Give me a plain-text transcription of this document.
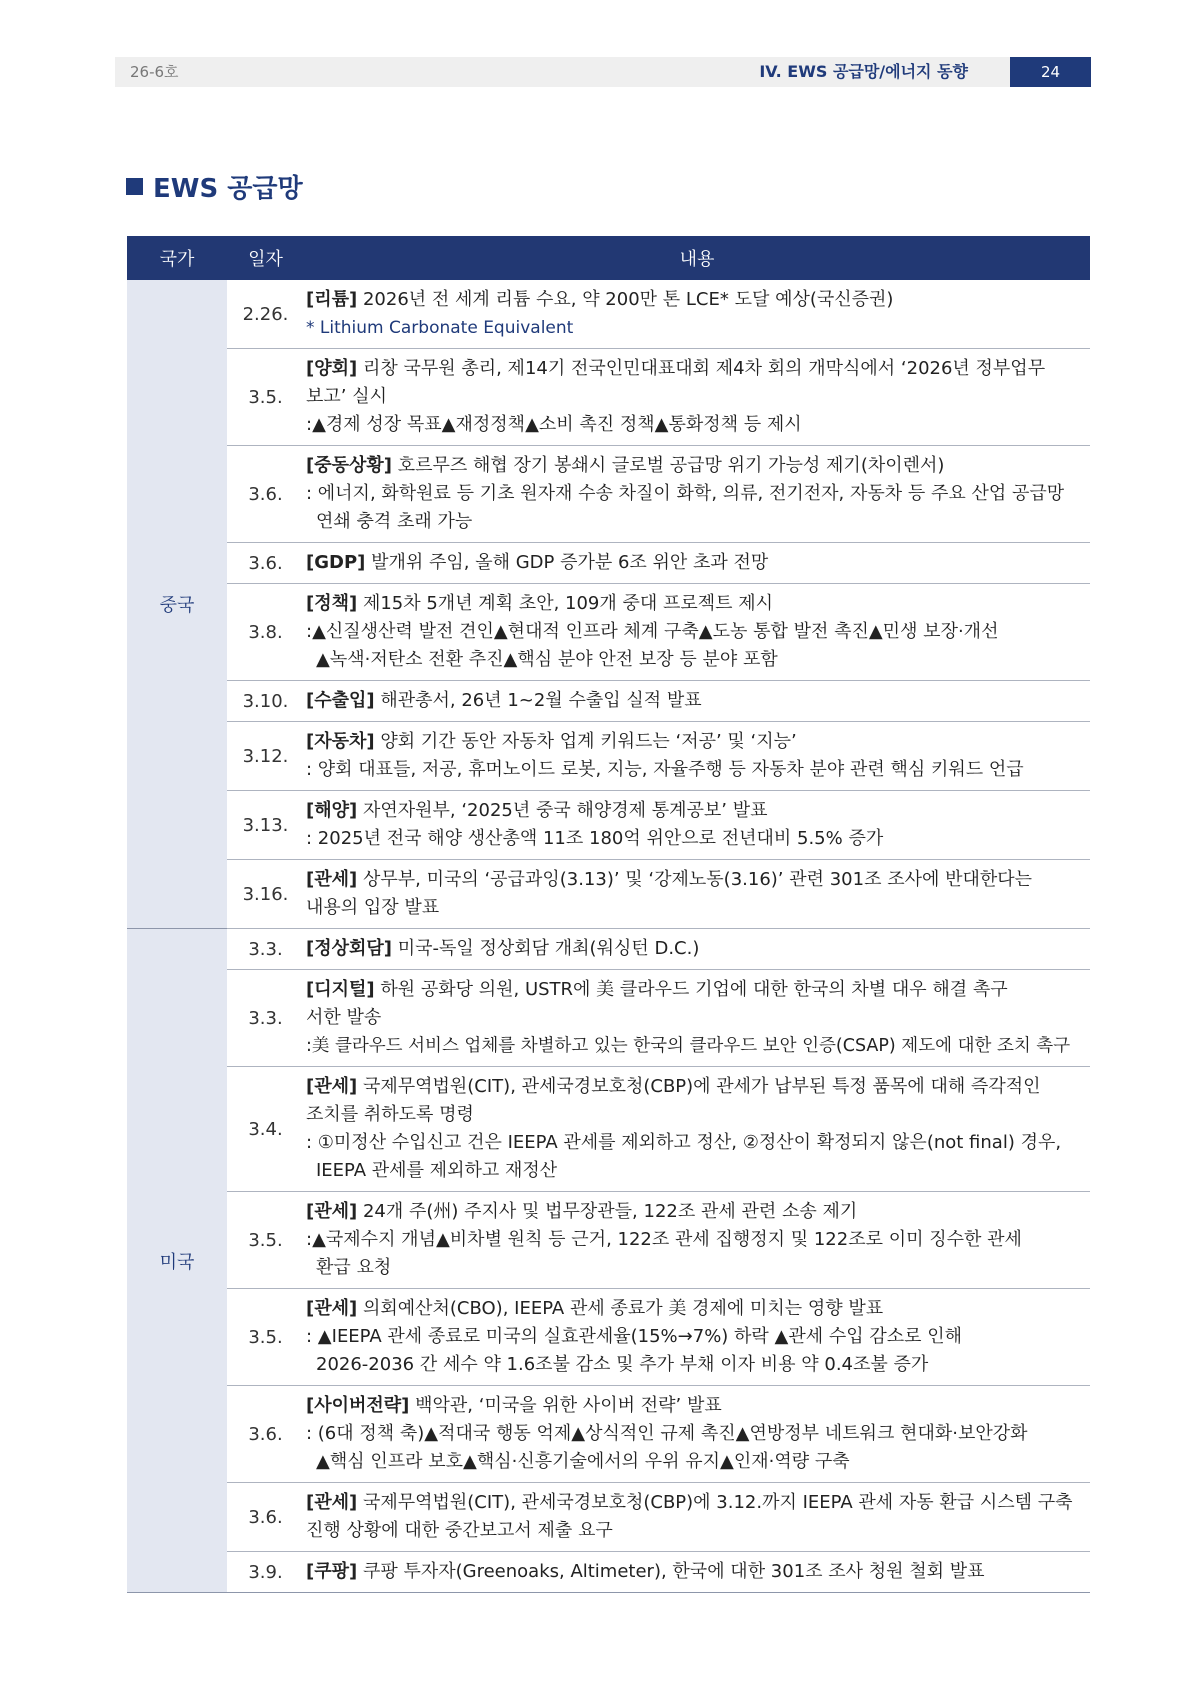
26-6호	IV. EWS 공급망/에너지 동향	24
EWS 공급망
국가	일자	내용
중국	2.26.	[리튬] 2026년 전 세계 리튬 수요, 약 200만 톤 LCE* 도달 예상(국신증권)
* Lithium Carbonate Equivalent

	3.5.	[양회] 리창 국무원 총리, 제14기 전국인민대표대회 제4차 회의 개막식에서 ‘2026년 정부업무
보고’ 실시
:▲경제 성장 목표▲재정정책▲소비 촉진 정책▲통화정책 등 제시

	3.6.	[중동상황] 호르무즈 해협 장기 봉쇄시 글로벌 공급망 위기 가능성 제기(차이렌서)
: 에너지, 화학원료 등 기초 원자재 수송 차질이 화학, 의류, 전기전자, 자동차 등 주요 산업 공급망
연쇄 충격 초래 가능

	3.6.	[GDP] 발개위 주임, 올해 GDP 증가분 6조 위안 초과 전망

	3.8.	[정책] 제15차 5개년 계획 초안, 109개 중대 프로젝트 제시
:▲신질생산력 발전 견인▲현대적 인프라 체계 구축▲도농 통합 발전 촉진▲민생 보장·개선
▲녹색·저탄소 전환 추진▲핵심 분야 안전 보장 등 분야 포함

	3.10.	[수출입] 해관총서, 26년 1~2월 수출입 실적 발표

	3.12.	[자동차] 양회 기간 동안 자동차 업계 키워드는 ‘저공’ 및 ‘지능’
: 양회 대표들, 저공, 휴머노이드 로봇, 지능, 자율주행 등 자동차 분야 관련 핵심 키워드 언급

	3.13.	[해양] 자연자원부, ‘2025년 중국 해양경제 통계공보’ 발표
: 2025년 전국 해양 생산총액 11조 180억 위안으로 전년대비 5.5% 증가

	3.16.	[관세] 상무부, 미국의 ‘공급과잉(3.13)’ 및 ‘강제노동(3.16)’ 관련 301조 조사에 반대한다는
내용의 입장 발표

미국	3.3.	[정상회담] 미국-독일 정상회담 개최(워싱턴 D.C.)

	3.3.	[디지털] 하원 공화당 의원, USTR에 美 클라우드 기업에 대한 한국의 차별 대우 해결 촉구
서한 발송
:美 클라우드 서비스 업체를 차별하고 있는 한국의 클라우드 보안 인증(CSAP) 제도에 대한 조치 촉구

	3.4.	[관세] 국제무역법원(CIT), 관세국경보호청(CBP)에 관세가 납부된 특정 품목에 대해 즉각적인
조치를 취하도록 명령
: ①미정산 수입신고 건은 IEEPA 관세를 제외하고 정산, ②정산이 확정되지 않은(not final) 경우,
IEEPA 관세를 제외하고 재정산

	3.5.	[관세] 24개 주(州) 주지사 및 법무장관들, 122조 관세 관련 소송 제기
:▲국제수지 개념▲비차별 원칙 등 근거, 122조 관세 집행정지 및 122조로 이미 징수한 관세
환급 요청

	3.5.	[관세] 의회예산처(CBO), IEEPA 관세 종료가 美 경제에 미치는 영향 발표
: ▲IEEPA 관세 종료로 미국의 실효관세율(15%→7%) 하락 ▲관세 수입 감소로 인해
2026-2036 간 세수 약 1.6조불 감소 및 추가 부채 이자 비용 약 0.4조불 증가

	3.6.	[사이버전략] 백악관, ‘미국을 위한 사이버 전략’ 발표
: (6대 정책 축)▲적대국 행동 억제▲상식적인 규제 촉진▲연방정부 네트워크 현대화·보안강화
▲핵심 인프라 보호▲핵심·신흥기술에서의 우위 유지▲인재·역량 구축

	3.6.	[관세] 국제무역법원(CIT), 관세국경보호청(CBP)에 3.12.까지 IEEPA 관세 자동 환급 시스템 구축
진행 상황에 대한 중간보고서 제출 요구

	3.9.	[쿠팡] 쿠팡 투자자(Greenoaks, Altimeter), 한국에 대한 301조 조사 청원 철회 발표
